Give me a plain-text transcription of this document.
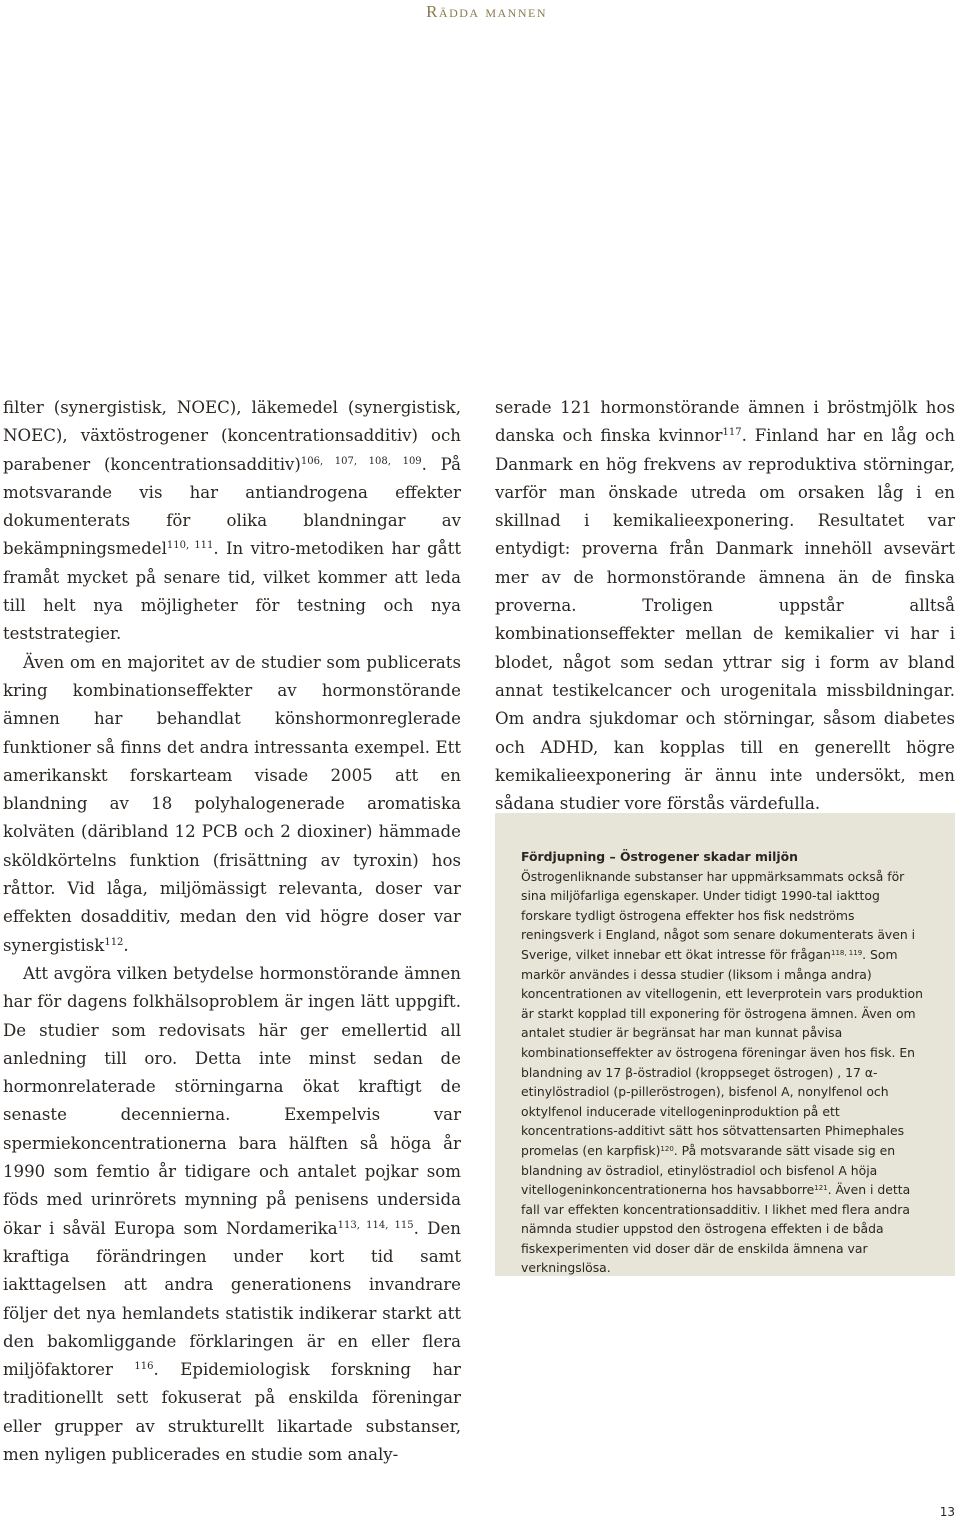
Rädda mannen

filter (synergistisk, NOEC), läkemedel (synergistisk, NOEC), växtöstrogener (koncentrationsadditiv) och parabener (koncentrationsadditiv)$^{106, 107, 108, 109}$. På motsvarande vis har antiandrogena effekter dokumenterats för olika blandningar av bekämpningsmedel$^{110, 111}$. In vitro-metodiken har gått framåt mycket på senare tid, vilket kommer att leda till helt nya möjligheter för testning och nya teststrategier.

Även om en majoritet av de studier som publicerats kring kombinationseffekter av hormonstörande ämnen har behandlat könshormonreglerade funktioner så finns det andra intressanta exempel. Ett amerikanskt forskarteam visade 2005 att en blandning av 18 polyhalogenerade aromatiska kolväten (däribland 12 PCB och 2 dioxiner) hämmade sköldkörtelns funktion (frisättning av tyroxin) hos råttor. Vid låga, miljömässigt relevanta, doser var effekten dosadditiv, medan den vid högre doser var synergistisk$^{112}$.

Att avgöra vilken betydelse hormonstörande ämnen har för dagens folkhälsoproblem är ingen lätt uppgift. De studier som redovisats här ger emellertid all anledning till oro. Detta inte minst sedan de hormonrelaterade störningarna ökat kraftigt de senaste decennierna. Exempelvis var spermiekoncentrationerna bara hälften så höga år 1990 som femtio år tidigare och antalet pojkar som föds med urinrörets mynning på penisens undersida ökar i såväl Europa som Nordamerika$^{113, 114, 115}$. Den kraftiga förändringen under kort tid samt iakttagelsen att andra generationens invandrare följer det nya hemlandets statistik indikerar starkt att den bakomliggande förklaringen är en eller flera miljöfaktorer $^{116}$. Epidemiologisk forskning har traditionellt sett fokuserat på enskilda föreningar eller grupper av strukturellt likartade substanser, men nyligen publicerades en studie som analy-

serade 121 hormonstörande ämnen i bröstmjölk hos danska och finska kvinnor$^{117}$. Finland har en låg och Danmark en hög frekvens av reproduktiva störningar, varför man önskade utreda om orsaken låg i en skillnad i kemikalieexponering. Resultatet var entydigt: proverna från Danmark innehöll avsevärt mer av de hormonstörande ämnena än de finska proverna. Troligen uppstår alltså kombinationseffekter mellan de kemikalier vi har i blodet, något som sedan yttrar sig i form av bland annat testikelcancer och urogenitala missbildningar. Om andra sjukdomar och störningar, såsom diabetes och ADHD, kan kopplas till en generellt högre kemikalieexponering är ännu inte undersökt, men sådana studier vore förstås värdefulla.

Fördjupning – Östrogener skadar miljön

Östrogenliknande substanser har uppmärksammats också för sina miljöfarliga egenskaper. Under tidigt 1990-tal iakttog forskare tydligt östrogena effekter hos fisk nedströms reningsverk i England, något som senare dokumenterats även i Sverige, vilket innebar ett ökat intresse för frågan$^{118, 119}$. Som markör användes i dessa studier (liksom i många andra) koncentrationen av vitellogenin, ett leverprotein vars produktion är starkt kopplad till exponering för östrogena ämnen. Även om antalet studier är begränsat har man kunnat påvisa kombinationseffekter av östrogena föreningar även hos fisk. En blandning av 17 β-östradiol (kroppseget östrogen) , 17 α-etinylöstradiol (p-pilleröstrogen), bisfenol A, nonylfenol och oktylfenol inducerade vitellogeninproduktion på ett koncentrations-additivt sätt hos sötvattensarten Phimephales promelas (en karpfisk)$^{120}$. På motsvarande sätt visade sig en blandning av östradiol, etinylöstradiol och bisfenol A höja vitellogeninkoncentrationerna hos havsabborre$^{121}$. Även i detta fall var effekten koncentrationsadditiv. I likhet med flera andra nämnda studier uppstod den östrogena effekten i de båda fiskexperimenten vid doser där de enskilda ämnena var verkningslösa.

13
